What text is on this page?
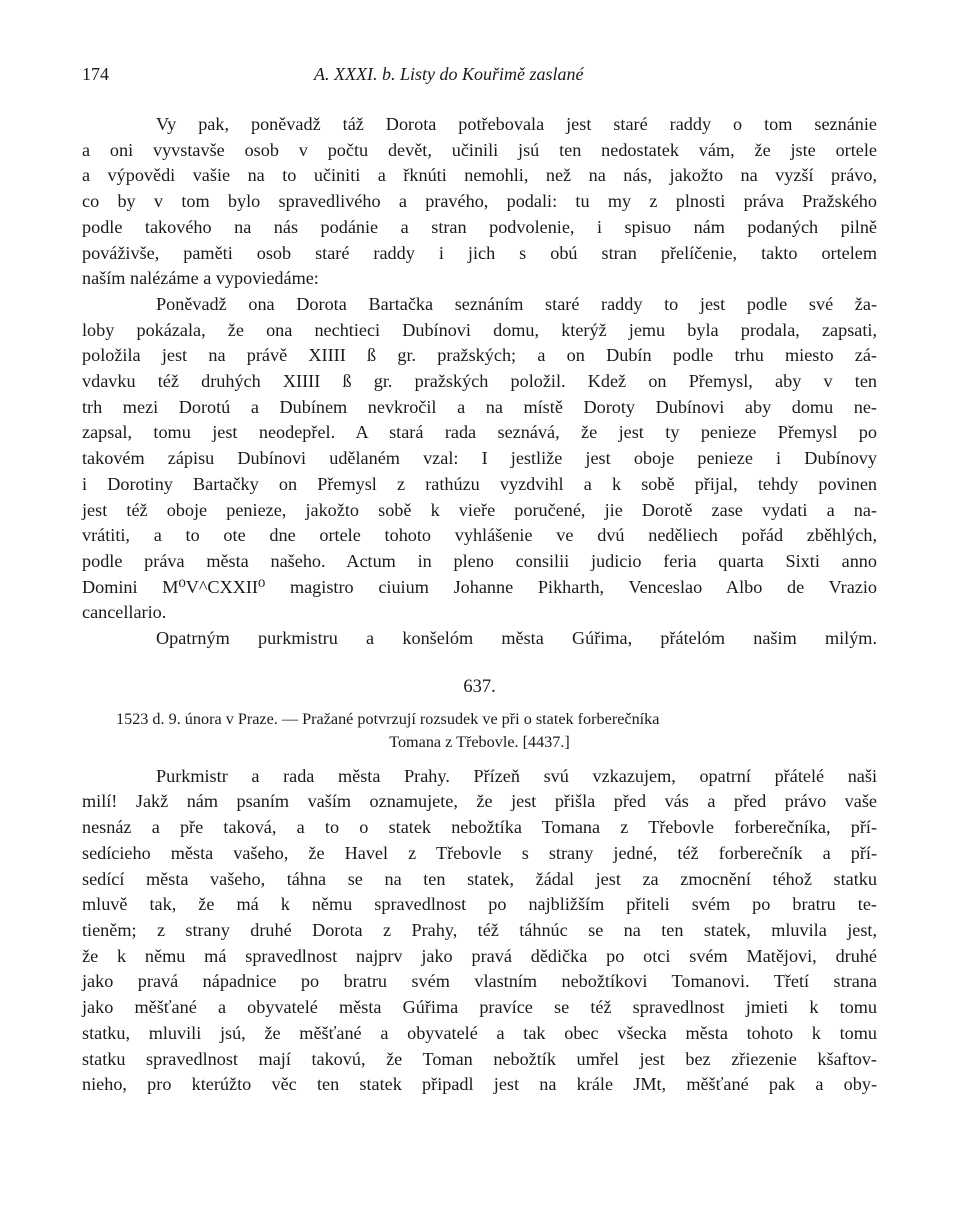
174	A. XXXI. b. Listy do Kouřimě zaslané

Vy pak, poněvadž táž Dorota potřebovala jest staré raddy o tom seznánie
a oni vyvstavše osob v počtu devět, učinili jsú ten nedostatek vám, že jste ortele
a výpovědi vašie na to učiniti a řknúti nemohli, než na nás, jakožto na vyzší právo,
co by v tom bylo spravedlivého a pravého, podali: tu my z plnosti práva Pražského
podle takového na nás podánie a stran podvolenie, i spisuo nám podaných pilně
pováživše, paměti osob staré raddy i jich s obú stran přelíčenie, takto ortelem
naším nalézáme a vypoviedáme:

Poněvadž ona Dorota Bartačka seznáním staré raddy to jest podle své ža-
loby pokázala, že ona nechtieci Dubínovi domu, kterýž jemu byla prodala, zapsati,
položila jest na právě XIIII ß gr. pražských; a on Dubín podle trhu miesto zá-
vdavku též druhých XIIII ß gr. pražských položil. Kdež on Přemysl, aby v ten
trh mezi Dorotú a Dubínem nevkročil a na místě Doroty Dubínovi aby domu ne-
zapsal, tomu jest neodepřel. A stará rada seznává, že jest ty penieze Přemysl po
takovém zápisu Dubínovi udělaném vzal: I jestliže jest oboje penieze i Dubínovy
i Dorotiny Bartačky on Přemysl z rathúzu vyzdvihl a k sobě přijal, tehdy povinen
jest též oboje penieze, jakožto sobě k vieře poručené, jie Dorotě zase vydati a na-
vrátiti, a to ote dne ortele tohoto vyhlášenie ve dvú neděliech pořád zběhlých,
podle práva města našeho. Actum in pleno consilii judicio feria quarta Sixti anno
Domini M⁰V^CXXII⁰ magistro ciuium Johanne Pikharth, Venceslao Albo de Vrazio
cancellario.

Opatrným purkmistru a konšelóm města Gúřima, přátelóm našim milým.

637.
1523 d. 9. února v Praze. — Pražané potvrzují rozsudek ve při o statek forberečníka
Tomana z Třebovle. [4437.]

Purkmistr a rada města Prahy. Přízeň svú vzkazujem, opatrní přátelé naši
milí! Jakž nám psaním vaším oznamujete, že jest přišla před vás a před právo vaše
nesnáz a pře taková, a to o statek nebožtíka Tomana z Třebovle forberečníka, pří-
sedícieho města vašeho, že Havel z Třebovle s strany jedné, též forberečník a pří-
sedící města vašeho, táhna se na ten statek, žádal jest za zmocnění téhož statku
mluvě tak, že má k němu spravedlnost po najbližším přiteli svém po bratru te-
tieněm; z strany druhé Dorota z Prahy, též táhnúc se na ten statek, mluvila jest,
že k němu má spravedlnost najprv jako pravá dědička po otci svém Matějovi, druhé
jako pravá nápadnice po bratru svém vlastním nebožtíkovi Tomanovi. Třetí strana
jako měšťané a obyvatelé města Gúřima pravíce se též spravedlnost jmieti k tomu
statku, mluvili jsú, že měšťané a obyvatelé a tak obec všecka města tohoto k tomu
statku spravedlnost mají takovú, že Toman nebožtík umřel jest bez zřiezenie kšaftov-
nieho, pro kterúžto věc ten statek připadl jest na krále JMt, měšťané pak a oby-
